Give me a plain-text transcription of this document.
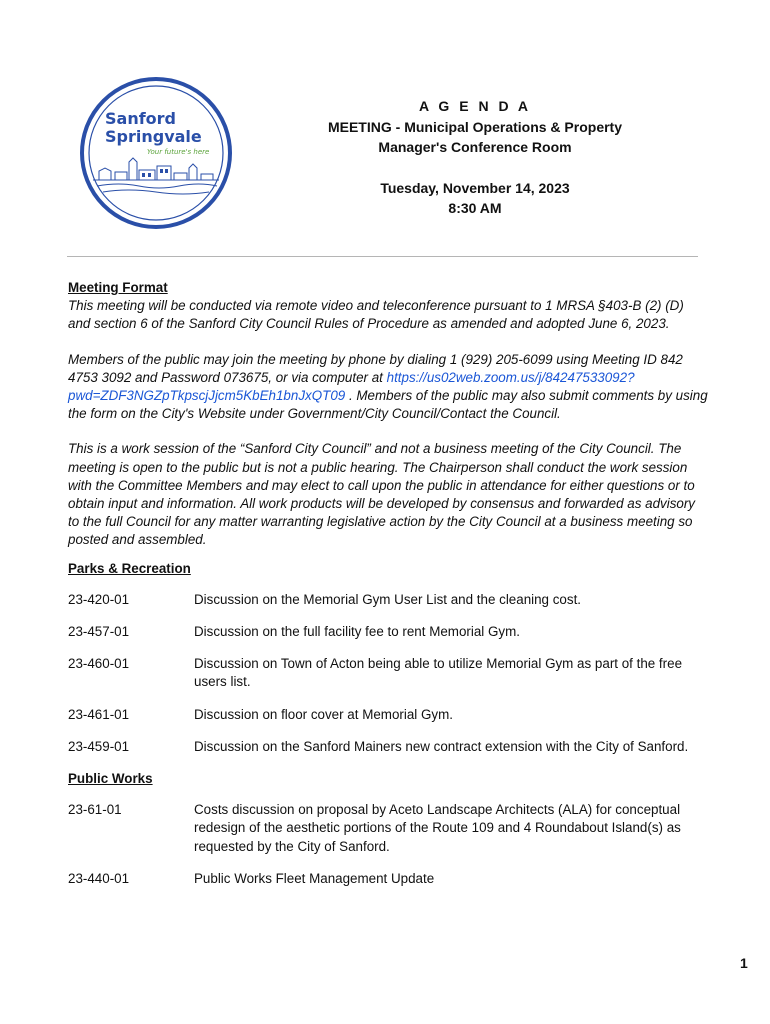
Sanford
Springvale
Your future's here
A G E N D A
MEETING - Municipal Operations & Property
Manager's Conference Room
Tuesday, November 14, 2023
8:30 AM
Meeting Format

This meeting will be conducted via remote video and teleconference pursuant to 1 MRSA §403-B (2) (D) and section 6 of the Sanford City Council Rules of Procedure as amended and adopted June 6, 2023.

Members of the public may join the meeting by phone by dialing 1 (929) 205-6099 using Meeting ID 842 4753 3092 and Password 073675, or via computer at https://us02web.zoom.us/j/84247533092?pwd=ZDF3NGZpTkpscjJjcm5KbEh1bnJxQT09 . Members of the public may also submit comments by using the form on the City's Website under Government/City Council/Contact the Council.

This is a work session of the “Sanford City Council” and not a business meeting of the City Council. The meeting is open to the public but is not a public hearing. The Chairperson shall conduct the work session with the Committee Members and may elect to call upon the public in attendance for either questions or to obtain input and information. All work products will be developed by consensus and forwarded as advisory to the full Council for any matter warranting legislative action by the City Council at a business meeting so posted and assembled.

Parks & Recreation
23-420-01	Discussion on the Memorial Gym User List and the cleaning cost.
23-457-01	Discussion on the full facility fee to rent Memorial Gym.
23-460-01	Discussion on Town of Acton being able to utilize Memorial Gym as part of the free users list.
23-461-01	Discussion on floor cover at Memorial Gym.
23-459-01	Discussion on the Sanford Mainers new contract extension with the City of Sanford.
Public Works
23-61-01	Costs discussion on proposal by Aceto Landscape Architects (ALA) for conceptual redesign of the aesthetic portions of the Route 109 and 4 Roundabout Island(s) as requested by the City of Sanford.
23-440-01	Public Works Fleet Management Update
1
